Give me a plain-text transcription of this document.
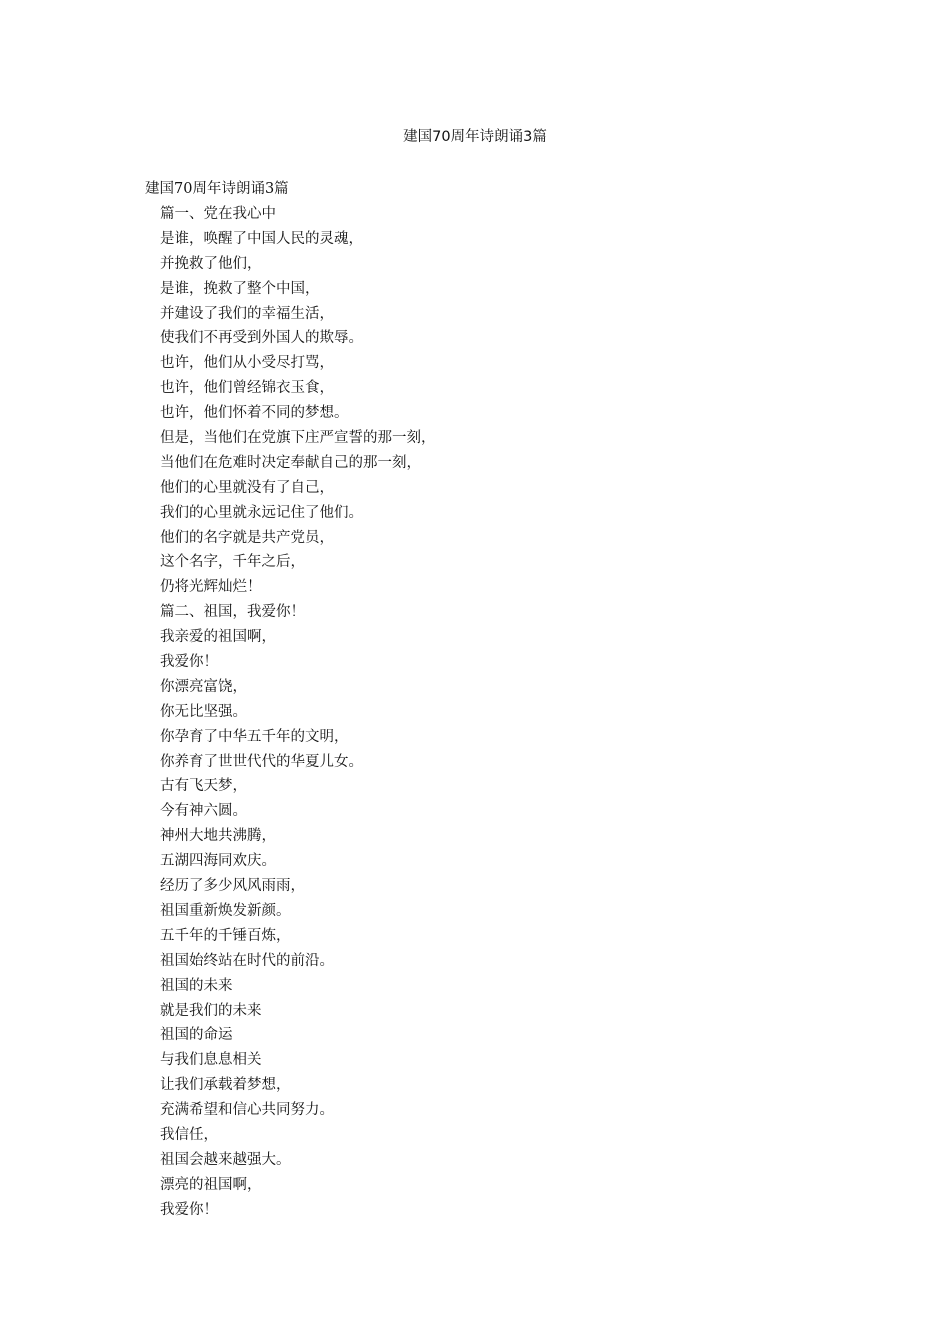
建国70周年诗朗诵3篇
建国70周年诗朗诵3篇
篇一、党在我心中
是谁，唤醒了中国人民的灵魂，
并挽救了他们，
是谁，挽救了整个中国，
并建设了我们的幸福生活，
使我们不再受到外国人的欺辱。
也许，他们从小受尽打骂，
也许，他们曾经锦衣玉食，
也许，他们怀着不同的梦想。
但是，当他们在党旗下庄严宣誓的那一刻，
当他们在危难时决定奉献自己的那一刻，
他们的心里就没有了自己，
我们的心里就永远记住了他们。
他们的名字就是共产党员，
这个名字，千年之后，
仍将光辉灿烂！
篇二、祖国，我爱你！
我亲爱的祖国啊，
我爱你！
你漂亮富饶，
你无比坚强。
你孕育了中华五千年的文明，
你养育了世世代代的华夏儿女。
古有飞天梦，
今有神六圆。
神州大地共沸腾，
五湖四海同欢庆。
经历了多少风风雨雨，
祖国重新焕发新颜。
五千年的千锤百炼，
祖国始终站在时代的前沿。
祖国的未来
就是我们的未来
祖国的命运
与我们息息相关
让我们承载着梦想，
充满希望和信心共同努力。
我信任，
祖国会越来越强大。
漂亮的祖国啊，
我爱你！
